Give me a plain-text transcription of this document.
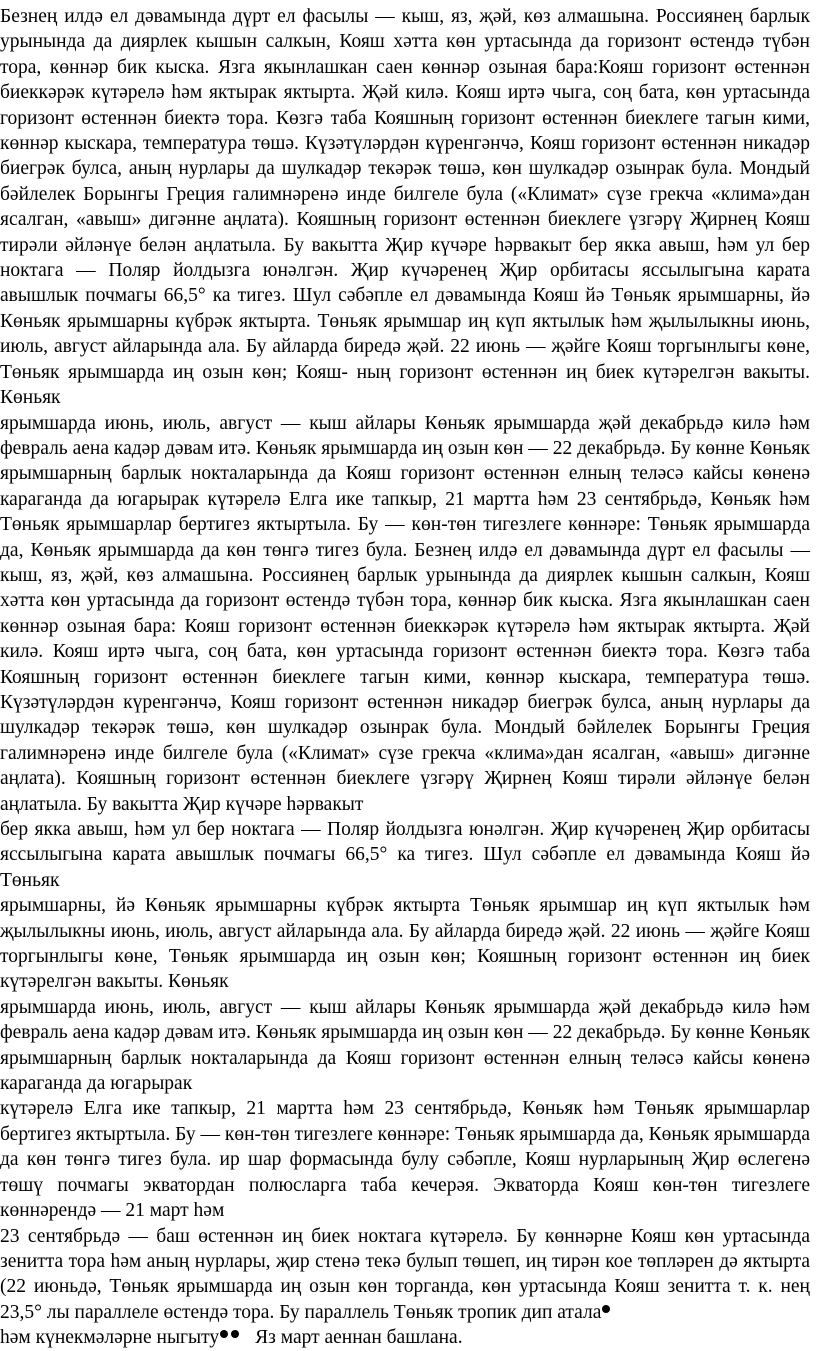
Безнең илдә ел дәвамында дүрт ел фасылы — кыш, яз, җәй, көз алмашына. Россиянең барлык урынында да диярлек кышын салкын, Кояш хәтта көн уртасында да горизонт өстендә түбән тора, көннәр бик кыска. Язга якынлашкан саен көннәр озыная бара:Кояш горизонт өстеннән биеккәрәк күтәрелә һәм яктырак яктырта. Җәй килә. Кояш иртә чыга, соң бата, көн уртасында горизонт өстеннән биектә тора. Көзгә таба Кояшның горизонт өстеннән биеклеге тагын кими, көннәр кыскара, температура төшә. Күзәтүләрдән күренгәнчә, Кояш горизонт өстеннән никадәр биегрәк булса, аның нурлары да шулкадәр текәрәк төшә, көн шулкадәр озынрак була. Мондый бәйлелек Борынгы Греция галимнәренә инде билгеле була («Климат» сүзе грекча «клима»дан ясалган, «авыш» дигәнне аңлата). Кояшның горизонт өстеннән биеклеге үзгәрү Җирнең Кояш тирәли әйләнүе белән аңлатыла. Бу вакытта Җир күчәре һәрвакыт бер якка авыш, һәм ул бер ноктага — Поляр йолдызга юнәлгән. Җир күчәренең Җир орбитасы яссылыгына карата авышлык почмагы 66,5° ка тигез. Шул сәбәпле ел дәвамында Кояш йә Төньяк ярымшарны, йә Көньяк ярымшарны күбрәк яктырта. Төньяк ярымшар иң күп яктылык һәм җылылыкны июнь, июль, август айларында ала. Бу айларда биредә җәй. 22 июнь — җәйге Кояш торгынлыгы көне, Төньяк ярымшарда иң озын көн; Кояш- ның горизонт өстеннән иң биек күтәрелгән вакыты. Көньяк

ярымшарда июнь, июль, август — кыш айлары Көньяк ярымшарда җәй декабрьдә килә һәм февраль аена кадәр дәвам итә. Көньяк ярымшарда иң озын көн — 22 декабрьдә. Бу көнне Көньяк ярымшарның барлык нокталарында да Кояш горизонт өстеннән елның теләсә кайсы көненә караганда да югарырак күтәрелә Елга ике тапкыр, 21 мартта һәм 23 сентябрьдә, Көньяк һәм Төньяк ярымшарлар бертигез яктыртыла. Бу — көн-төн тигезлеге көннәре: Төньяк ярымшарда да, Көньяк ярымшарда да көн төнгә тигез була. Безнең илдә ел дәвамында дүрт ел фасылы — кыш, яз, җәй, көз алмашына. Россиянең барлык урынында да диярлек кышын салкын, Кояш хәтта көн уртасында да горизонт өстендә түбән тора, көннәр бик кыска. Язга якынлашкан саен көннәр озыная бара: Кояш горизонт өстеннән биеккәрәк күтәрелә һәм яктырак яктырта. Җәй килә. Кояш иртә чыга, соң бата, көн уртасында горизонт өстеннән биектә тора. Көзгә таба Кояшның горизонт өстеннән биеклеге тагын кими, көннәр кыскара, температура төшә. Күзәтүләрдән күренгәнчә, Кояш горизонт өстеннән никадәр биегрәк булса, аның нурлары да шулкадәр текәрәк төшә, көн шулкадәр озынрак була. Мондый бәйлелек Борынгы Греция галимнәренә инде билгеле була («Климат» сүзе грекча «клима»дан ясалган, «авыш» дигәнне аңлата). Кояшның горизонт өстеннән биеклеге үзгәрү Җирнең Кояш тирәли әйләнүе белән аңлатыла. Бу вакытта Җир күчәре һәрвакыт

бер якка авыш, һәм ул бер ноктага — Поляр йолдызга юнәлгән. Җир күчәренең Җир орбитасы яссылыгына карата авышлык почмагы 66,5° ка тигез. Шул сәбәпле ел дәвамында Кояш йә Төньяк

ярымшарны, йә Көньяк ярымшарны күбрәк яктырта Төньяк ярымшар иң күп яктылык һәм җылылыкны июнь, июль, август айларында ала. Бу айларда биредә җәй. 22 июнь — җәйге Кояш торгынлыгы көне, Төньяк ярымшарда иң озын көн; Кояшның горизонт өстеннән иң биек күтәрелгән вакыты. Көньяк

ярымшарда июнь, июль, август — кыш айлары Көньяк ярымшарда җәй декабрьдә килә һәм февраль аена кадәр дәвам итә. Көньяк ярымшарда иң озын көн — 22 декабрьдә. Бу көнне Көньяк ярымшарның барлык нокталарында да Кояш горизонт өстеннән елның теләсә кайсы көненә караганда да югарырак

күтәрелә Елга ике тапкыр, 21 мартта һәм 23 сентябрьдә, Көньяк һәм Төньяк ярымшарлар бертигез яктыртыла. Бу — көн-төн тигезлеге көннәре: Төньяк ярымшарда да, Көньяк ярымшарда да көн төнгә тигез була. ир шар формасында булу сәбәпле, Кояш нурларының Җир өслегенә төшү почмагы экватордан полюсларга таба кечерәя. Экваторда Кояш көн-төн тигезлеге көннәрендә — 21 март һәм

23 сентябрьдә — баш өстеннән иң биек ноктага күтәрелә. Бу көннәрне Кояш көн уртасында зенитта тора һәм аның нурлары, җир стенә текә булып төшеп, иң тирән кое төпләрен дә яктырта (22 июньдә, Төньяк ярымшарда иң озын көн торганда, көн уртасында Кояш зенитта т. к. нең 23,5° лы параллеле өстендә тора. Бу параллель Төньяк тропик дип атала

һәм күнекмәләрне ныгыту Яз март аеннан башлана.
